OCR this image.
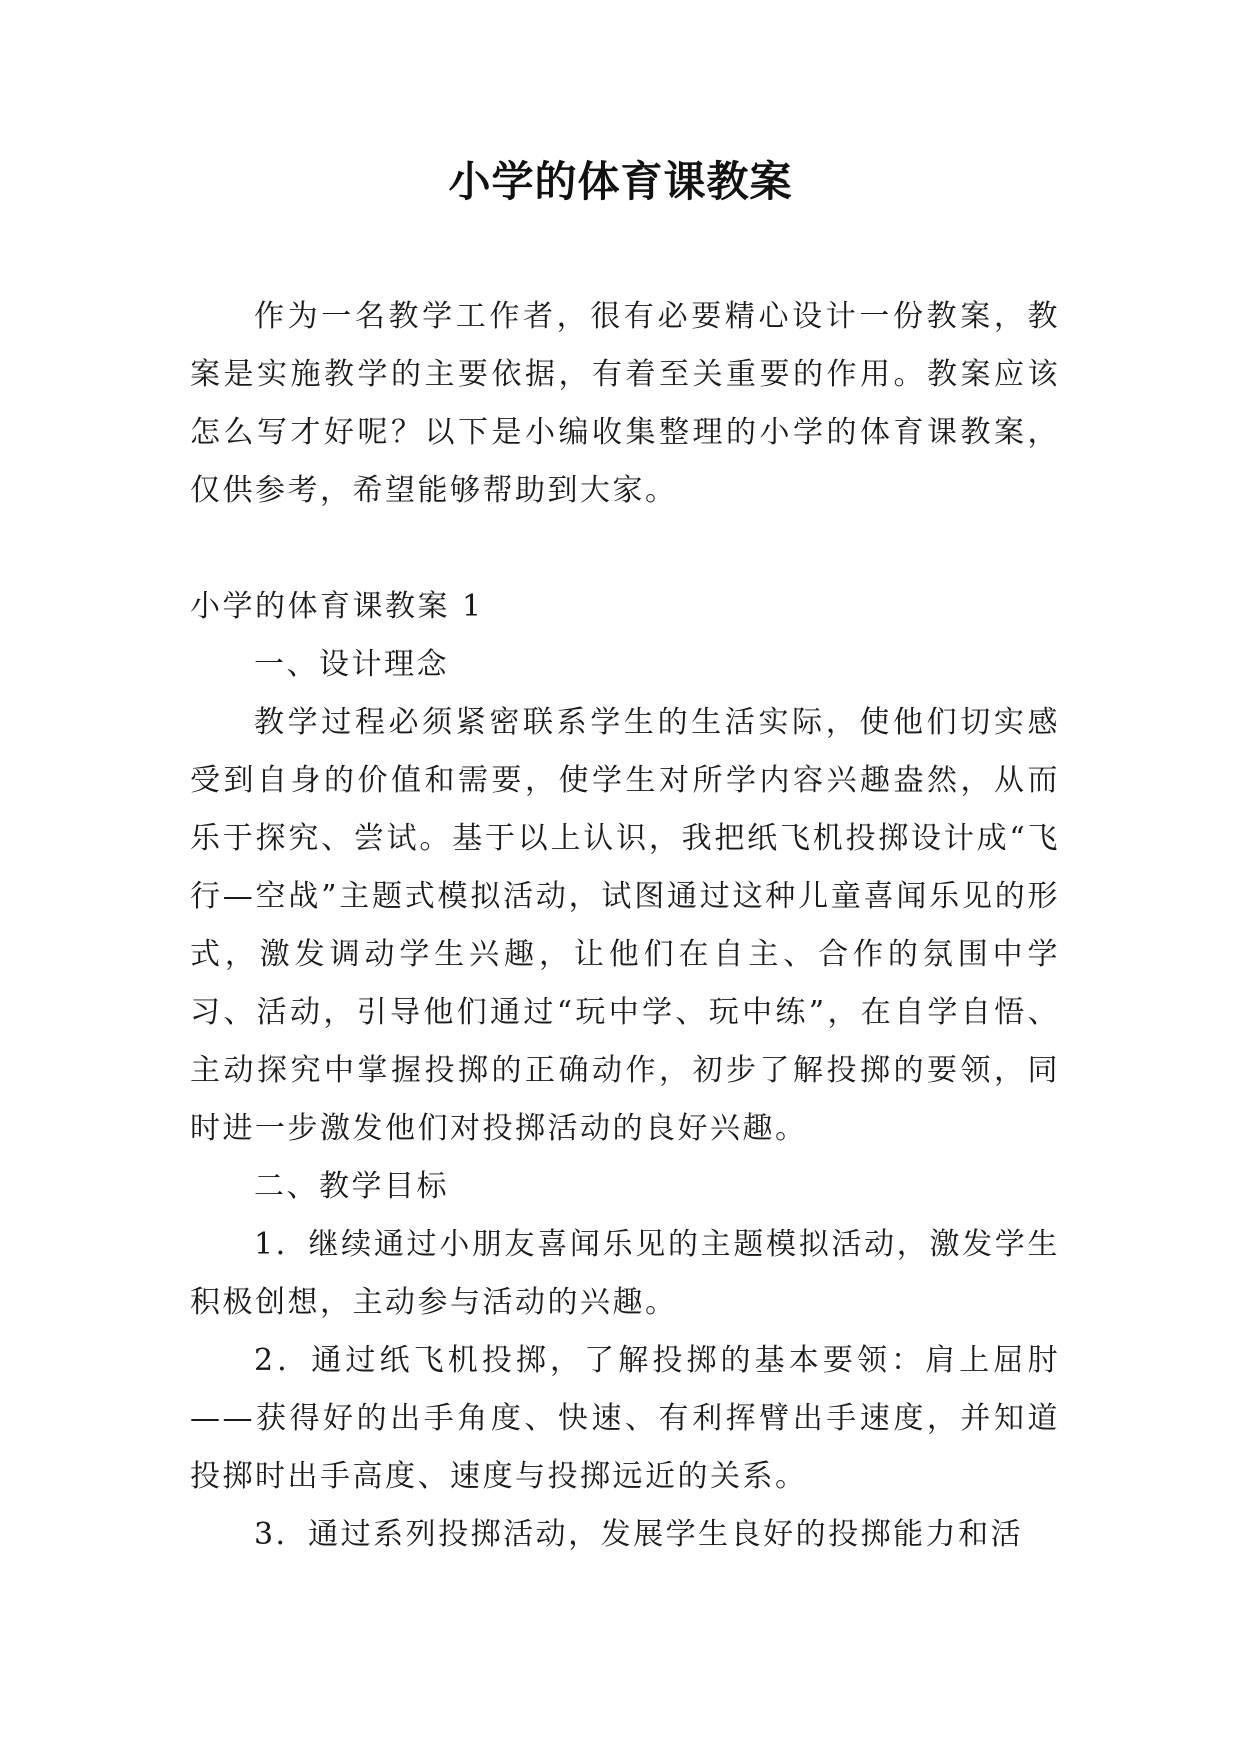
小学的体育课教案

作为一名教学工作者，很有必要精心设计一份教案，教案是实施教学的主要依据，有着至关重要的作用。教案应该怎么写才好呢？以下是小编收集整理的小学的体育课教案，仅供参考，希望能够帮助到大家。

小学的体育课教案 1

一、设计理念

教学过程必须紧密联系学生的生活实际，使他们切实感受到自身的价值和需要，使学生对所学内容兴趣盎然，从而乐于探究、尝试。基于以上认识，我把纸飞机投掷设计成“飞行—空战”主题式模拟活动，试图通过这种儿童喜闻乐见的形式，激发调动学生兴趣，让他们在自主、合作的氛围中学习、活动，引导他们通过“玩中学、玩中练”，在自学自悟、主动探究中掌握投掷的正确动作，初步了解投掷的要领，同时进一步激发他们对投掷活动的良好兴趣。

二、教学目标

1．继续通过小朋友喜闻乐见的主题模拟活动，激发学生积极创想，主动参与活动的兴趣。

2．通过纸飞机投掷，了解投掷的基本要领：肩上屈肘——获得好的出手角度、快速、有利挥臂出手速度，并知道投掷时出手高度、速度与投掷远近的关系。

3．通过系列投掷活动，发展学生良好的投掷能力和活
